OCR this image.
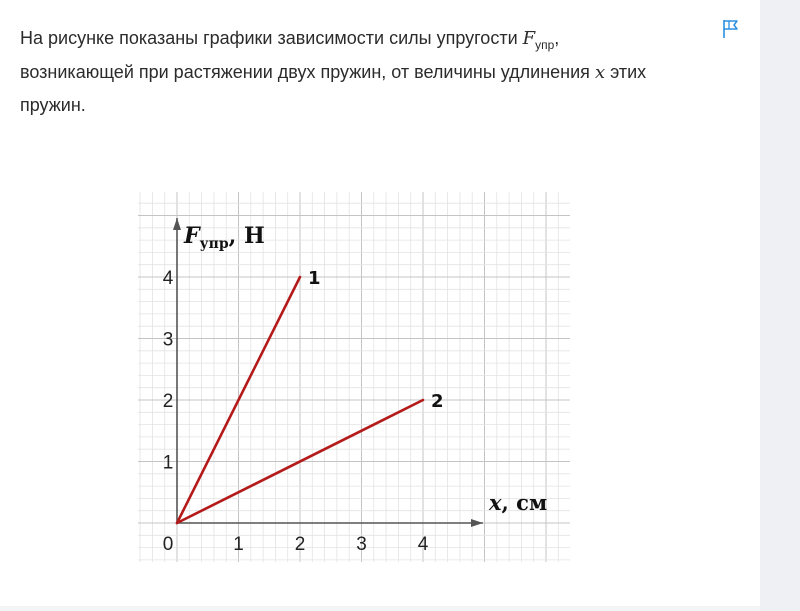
На рисунке показаны графики зависимости силы упругости $F_{упр}$,
возникающей при растяжении двух пружин, от величины удлинения x этих
пружин.
0	1	2	3	4
1
2
3
4
$F_{упр}$, Н
x, см
1
2
